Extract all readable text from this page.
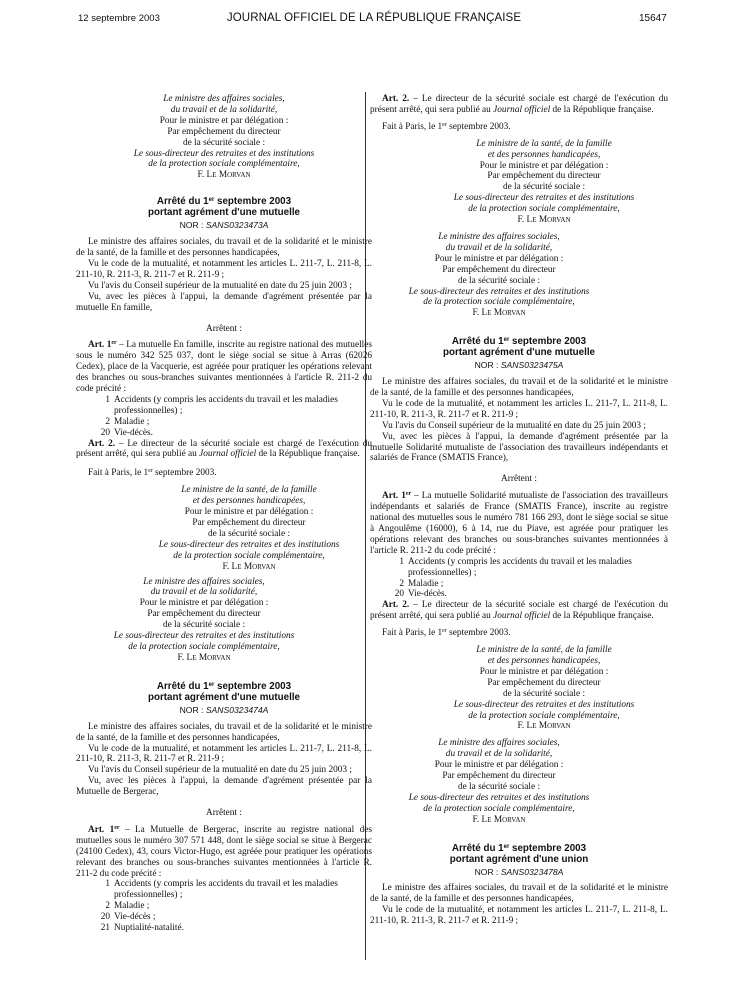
12 septembre 2003	JOURNAL OFFICIEL DE LA RÉPUBLIQUE FRANÇAISE	15647
Le ministre des affaires sociales,
du travail et de la solidarité,
Pour le ministre et par délégation :
Par empêchement du directeur
de la sécurité sociale :
Le sous-directeur des retraites et des institutions
de la protection sociale complémentaire,
F. Le Morvan
Arrêté du 1er septembre 2003
portant agrément d'une mutuelle
NOR : SANS0323473A

Le ministre des affaires sociales, du travail et de la solidarité et le ministre de la santé, de la famille et des personnes handicapées,

Vu le code de la mutualité, et notamment les articles L. 211-7, L. 211-8, L. 211-10, R. 211-3, R. 211-7 et R. 211-9 ;

Vu l'avis du Conseil supérieur de la mutualité en date du 25 juin 2003 ;

Vu, avec les pièces à l'appui, la demande d'agrément présentée par la mutuelle En famille,

Arrêtent :

Art. 1er – La mutuelle En famille, inscrite au registre national des mutuelles sous le numéro 342 525 037, dont le siège social se situe à Arras (62026 Cedex), place de la Vacquerie, est agréée pour pratiquer les opérations relevant des branches ou sous-branches suivantes mentionnées à l'article R. 211-2 du code précité :

1 Accidents (y compris les accidents du travail et les maladies professionnelles) ;
2 Maladie ;
20 Vie-décès.

Art. 2. – Le directeur de la sécurité sociale est chargé de l'exécution du présent arrêté, qui sera publié au Journal officiel de la République française.

Fait à Paris, le 1er septembre 2003.

Le ministre de la santé, de la famille
et des personnes handicapées,
Pour le ministre et par délégation :
Par empêchement du directeur
de la sécurité sociale :
Le sous-directeur des retraites et des institutions
de la protection sociale complémentaire,
F. Le Morvan
Le ministre des affaires sociales,
du travail et de la solidarité,
Pour le ministre et par délégation :
Par empêchement du directeur
de la sécurité sociale :
Le sous-directeur des retraites et des institutions
de la protection sociale complémentaire,
F. Le Morvan
Arrêté du 1er septembre 2003
portant agrément d'une mutuelle
NOR : SANS0323474A

Le ministre des affaires sociales, du travail et de la solidarité et le ministre de la santé, de la famille et des personnes handicapées,

Vu le code de la mutualité, et notamment les articles L. 211-7, L. 211-8, L. 211-10, R. 211-3, R. 211-7 et R. 211-9 ;

Vu l'avis du Conseil supérieur de la mutualité en date du 25 juin 2003 ;

Vu, avec les pièces à l'appui, la demande d'agrément présentée par la Mutuelle de Bergerac,

Arrêtent :

Art. 1er – La Mutuelle de Bergerac, inscrite au registre national des mutuelles sous le numéro 307 571 448, dont le siège social se situe à Bergerac (24100 Cedex), 43, cours Victor-Hugo, est agréée pour pratiquer les opérations relevant des branches ou sous-branches suivantes mentionnées à l'article R. 211-2 du code précité :

1 Accidents (y compris les accidents du travail et les maladies professionnelles) ;
2 Maladie ;
20 Vie-décès ;
21 Nuptialité-natalité.

Art. 2. – Le directeur de la sécurité sociale est chargé de l'exécution du présent arrêté, qui sera publié au Journal officiel de la République française.

Fait à Paris, le 1er septembre 2003.

Le ministre de la santé, de la famille
et des personnes handicapées,
Pour le ministre et par délégation :
Par empêchement du directeur
de la sécurité sociale :
Le sous-directeur des retraites et des institutions
de la protection sociale complémentaire,
F. Le Morvan
Le ministre des affaires sociales,
du travail et de la solidarité,
Pour le ministre et par délégation :
Par empêchement du directeur
de la sécurité sociale :
Le sous-directeur des retraites et des institutions
de la protection sociale complémentaire,
F. Le Morvan
Arrêté du 1er septembre 2003
portant agrément d'une mutuelle
NOR : SANS0323475A

Le ministre des affaires sociales, du travail et de la solidarité et le ministre de la santé, de la famille et des personnes handicapées,

Vu le code de la mutualité, et notamment les articles L. 211-7, L. 211-8, L. 211-10, R. 211-3, R. 211-7 et R. 211-9 ;

Vu l'avis du Conseil supérieur de la mutualité en date du 25 juin 2003 ;

Vu, avec les pièces à l'appui, la demande d'agrément présentée par la mutuelle Solidarité mutualiste de l'association des travailleurs indépendants et salariés de France (SMATIS France),

Arrêtent :

Art. 1er – La mutuelle Solidarité mutualiste de l'association des travailleurs indépendants et salariés de France (SMATIS France), inscrite au registre national des mutuelles sous le numéro 781 166 293, dont le siège social se situe à Angoulême (16000), 6 à 14, rue du Piave, est agréée pour pratiquer les opérations relevant des branches ou sous-branches suivantes mentionnées à l'article R. 211-2 du code précité :

1 Accidents (y compris les accidents du travail et les maladies professionnelles) ;
2 Maladie ;
20 Vie-décès.

Art. 2. – Le directeur de la sécurité sociale est chargé de l'exécution du présent arrêté, qui sera publié au Journal officiel de la République française.

Fait à Paris, le 1er septembre 2003.

Le ministre de la santé, de la famille
et des personnes handicapées,
Pour le ministre et par délégation :
Par empêchement du directeur
de la sécurité sociale :
Le sous-directeur des retraites et des institutions
de la protection sociale complémentaire,
F. Le Morvan
Le ministre des affaires sociales,
du travail et de la solidarité,
Pour le ministre et par délégation :
Par empêchement du directeur
de la sécurité sociale :
Le sous-directeur des retraites et des institutions
de la protection sociale complémentaire,
F. Le Morvan
Arrêté du 1er septembre 2003
portant agrément d'une union
NOR : SANS0323478A

Le ministre des affaires sociales, du travail et de la solidarité et le ministre de la santé, de la famille et des personnes handicapées,

Vu le code de la mutualité, et notamment les articles L. 211-7, L. 211-8, L. 211-10, R. 211-3, R. 211-7 et R. 211-9 ;
